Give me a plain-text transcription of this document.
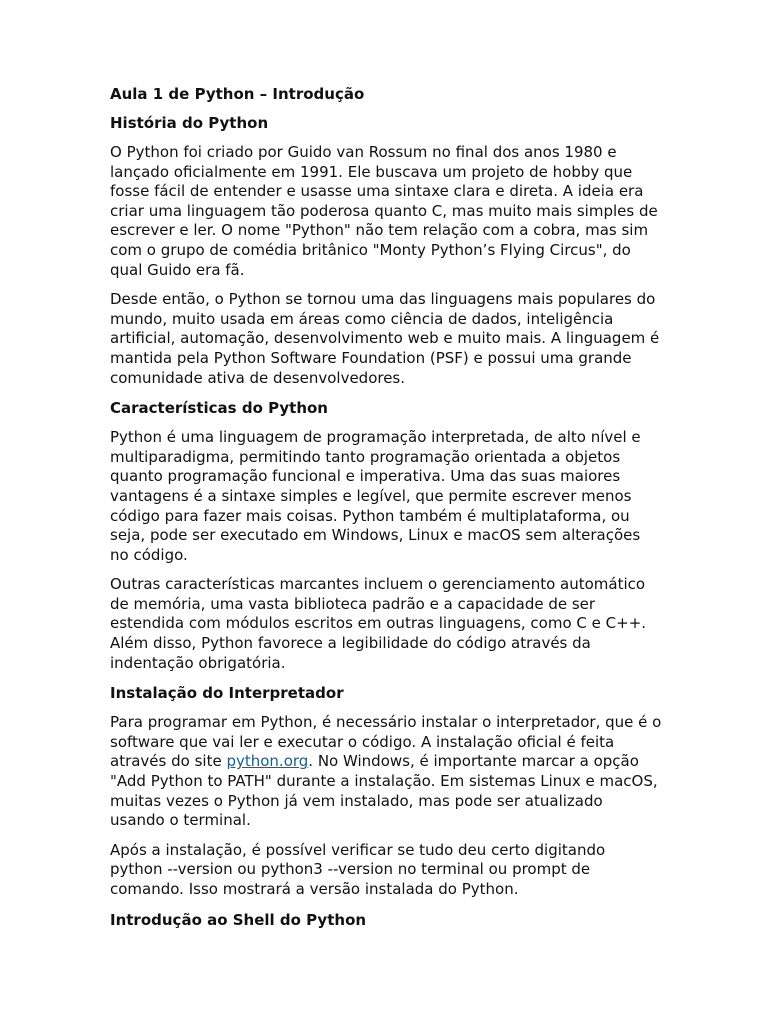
Aula 1 de Python – Introdução
História do Python

O Python foi criado por Guido van Rossum no final dos anos 1980 e lançado oficialmente em 1991. Ele buscava um projeto de hobby que fosse fácil de entender e usasse uma sintaxe clara e direta. A ideia era criar uma linguagem tão poderosa quanto C, mas muito mais simples de escrever e ler. O nome "Python" não tem relação com a cobra, mas sim com o grupo de comédia britânico "Monty Python’s Flying Circus", do qual Guido era fã.

Desde então, o Python se tornou uma das linguagens mais populares do mundo, muito usada em áreas como ciência de dados, inteligência artificial, automação, desenvolvimento web e muito mais. A linguagem é mantida pela Python Software Foundation (PSF) e possui uma grande comunidade ativa de desenvolvedores.

Características do Python

Python é uma linguagem de programação interpretada, de alto nível e multiparadigma, permitindo tanto programação orientada a objetos quanto programação funcional e imperativa. Uma das suas maiores vantagens é a sintaxe simples e legível, que permite escrever menos código para fazer mais coisas. Python também é multiplataforma, ou seja, pode ser executado em Windows, Linux e macOS sem alterações no código.

Outras características marcantes incluem o gerenciamento automático de memória, uma vasta biblioteca padrão e a capacidade de ser estendida com módulos escritos em outras linguagens, como C e C++. Além disso, Python favorece a legibilidade do código através da indentação obrigatória.

Instalação do Interpretador

Para programar em Python, é necessário instalar o interpretador, que é o software que vai ler e executar o código. A instalação oficial é feita através do site python.org. No Windows, é importante marcar a opção "Add Python to PATH" durante a instalação. Em sistemas Linux e macOS, muitas vezes o Python já vem instalado, mas pode ser atualizado usando o terminal.

Após a instalação, é possível verificar se tudo deu certo digitando python --version ou python3 --version no terminal ou prompt de comando. Isso mostrará a versão instalada do Python.

Introdução ao Shell do Python
